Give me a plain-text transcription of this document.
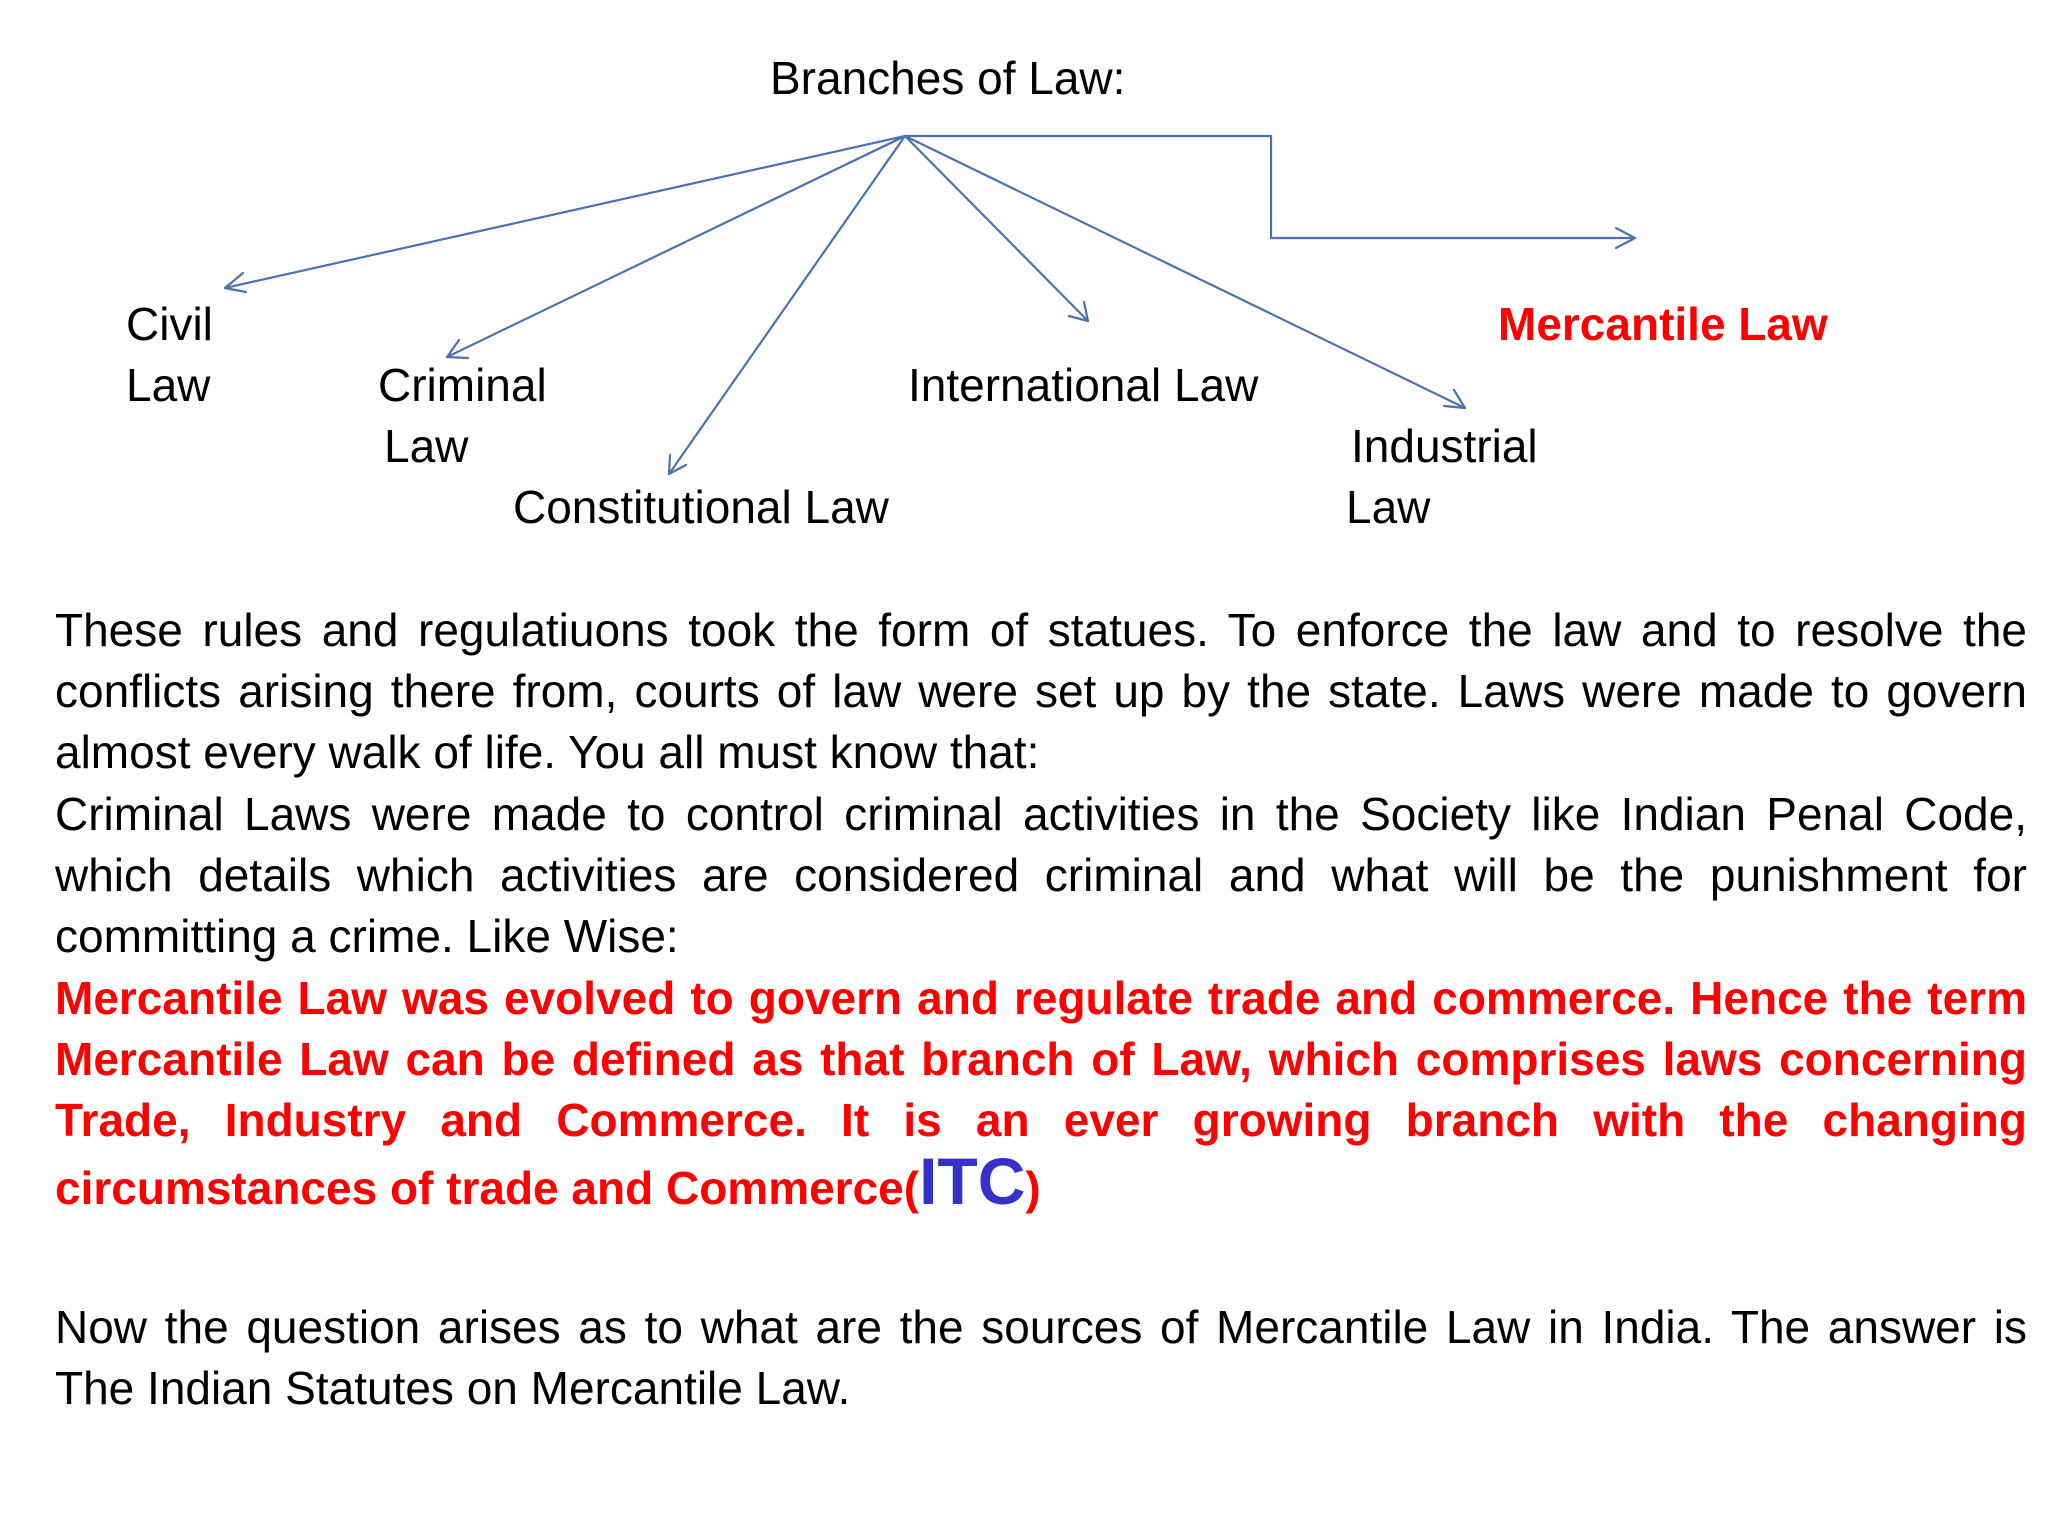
Branches of Law:
Civil
Law	Criminal
Law
Constitutional Law
International Law
Industrial
Law
Mercantile Law
These rules and regulatiuons took the form of statues. To enforce the law and to resolve the conflicts arising there from, courts of law were set up by the state. Laws were made to govern almost every walk of life. You all must know that:
Criminal Laws were made to control criminal activities in the Society like Indian Penal Code, which details which activities are considered criminal and what will be the punishment for committing a crime. Like Wise:
Mercantile Law was evolved to govern and regulate trade and commerce. Hence the term Mercantile Law can be defined as that branch of Law, which comprises laws concerning Trade, Industry and Commerce. It is an ever growing branch with the changing circumstances of trade and Commerce(ITC)
Now the question arises as to what are the sources of Mercantile Law in India. The answer is The Indian Statutes on Mercantile Law.
